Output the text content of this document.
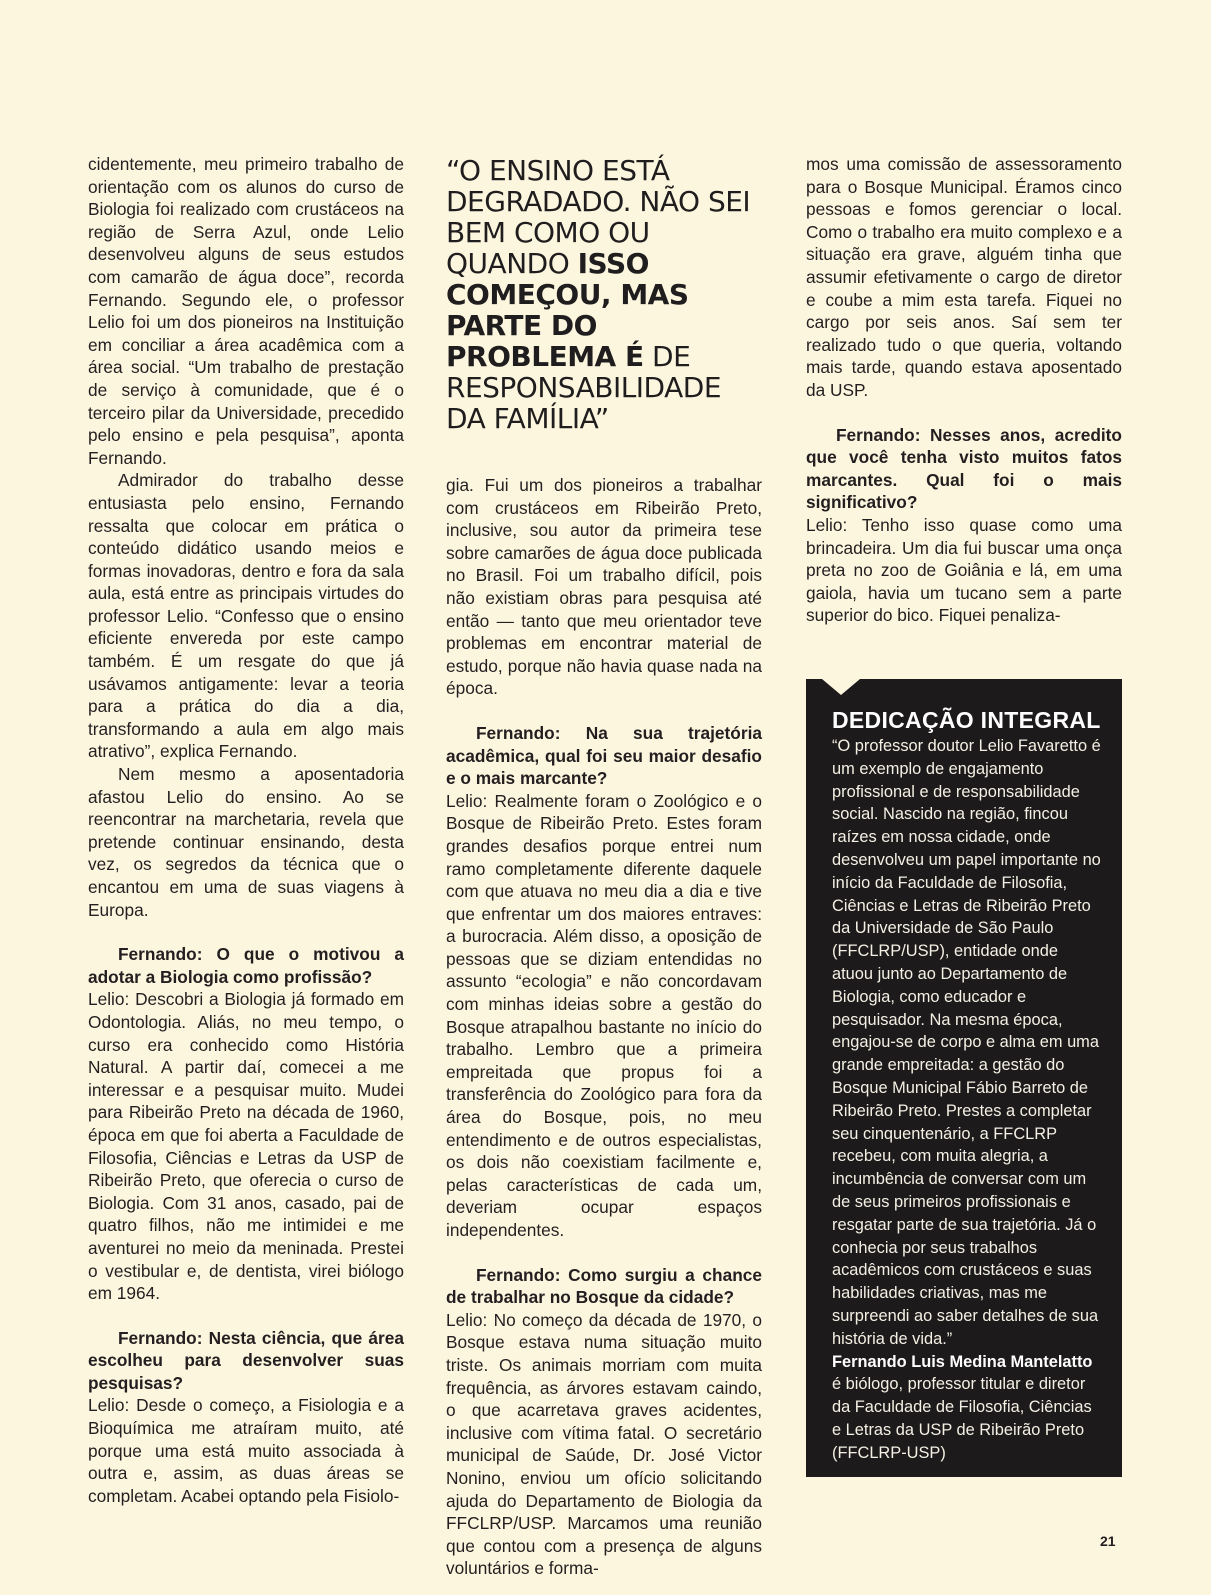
cidentemente, meu primeiro trabalho de orientação com os alunos do curso de Biologia foi realizado com crustáceos na região de Serra Azul, onde Lelio desenvolveu alguns de seus estudos com camarão de água doce”, recorda Fernando. Segundo ele, o professor Lelio foi um dos pioneiros na Instituição em conciliar a área acadêmica com a área social. “Um trabalho de prestação de serviço à comunidade, que é o terceiro pilar da Universidade, precedido pelo ensino e pela pesquisa”, aponta Fernando.

Admirador do trabalho desse entusiasta pelo ensino, Fernando ressalta que colocar em prática o conteúdo didático usando meios e formas inovadoras, dentro e fora da sala aula, está entre as principais virtudes do professor Lelio. “Confesso que o ensino eficiente envereda por este campo também. É um resgate do que já usávamos antigamente: levar a teoria para a prática do dia a dia, transformando a aula em algo mais atrativo”, explica Fernando.

Nem mesmo a aposentadoria afastou Lelio do ensino. Ao se reencontrar na marchetaria, revela que pretende continuar ensinando, desta vez, os segredos da técnica que o encantou em uma de suas viagens à Europa.

Fernando: O que o motivou a adotar a Biologia como profissão?

Lelio: Descobri a Biologia já formado em Odontologia. Aliás, no meu tempo, o curso era conhecido como História Natural. A partir daí, comecei a me interessar e a pesquisar muito. Mudei para Ribeirão Preto na década de 1960, época em que foi aberta a Faculdade de Filosofia, Ciências e Letras da USP de Ribeirão Preto, que oferecia o curso de Biologia. Com 31 anos, casado, pai de quatro filhos, não me intimidei e me aventurei no meio da meninada. Prestei o vestibular e, de dentista, virei biólogo em 1964.

Fernando: Nesta ciência, que área escolheu para desenvolver suas pesquisas?

Lelio: Desde o começo, a Fisiologia e a Bioquímica me atraíram muito, até porque uma está muito associada à outra e, assim, as duas áreas se completam. Acabei optando pela Fisiolo-

“O ENSINO ESTÁ DEGRADADO. NÃO SEI BEM COMO OU QUANDO ISSO COMEÇOU, MAS PARTE DO PROBLEMA É DE RESPONSABILIDADE DA FAMÍLIA”

gia. Fui um dos pioneiros a trabalhar com crustáceos em Ribeirão Preto, inclusive, sou autor da primeira tese sobre camarões de água doce publicada no Brasil. Foi um trabalho difícil, pois não existiam obras para pesquisa até então — tanto que meu orientador teve problemas em encontrar material de estudo, porque não havia quase nada na época.

Fernando: Na sua trajetória acadêmica, qual foi seu maior desafio e o mais marcante?

Lelio: Realmente foram o Zoológico e o Bosque de Ribeirão Preto. Estes foram grandes desafios porque entrei num ramo completamente diferente daquele com que atuava no meu dia a dia e tive que enfrentar um dos maiores entraves: a burocracia. Além disso, a oposição de pessoas que se diziam entendidas no assunto “ecologia” e não concordavam com minhas ideias sobre a gestão do Bosque atrapalhou bastante no início do trabalho. Lembro que a primeira empreitada que propus foi a transferência do Zoológico para fora da área do Bosque, pois, no meu entendimento e de outros especialistas, os dois não coexistiam facilmente e, pelas características de cada um, deveriam ocupar espaços independentes.

Fernando: Como surgiu a chance de trabalhar no Bosque da cidade?

Lelio: No começo da década de 1970, o Bosque estava numa situação muito triste. Os animais morriam com muita frequência, as árvores estavam caindo, o que acarretava graves acidentes, inclusive com vítima fatal. O secretário municipal de Saúde, Dr. José Victor Nonino, enviou um ofício solicitando ajuda do Departamento de Biologia da FFCLRP/USP. Marcamos uma reunião que contou com a presença de alguns voluntários e forma-

mos uma comissão de assessoramento para o Bosque Municipal. Éramos cinco pessoas e fomos gerenciar o local. Como o trabalho era muito complexo e a situação era grave, alguém tinha que assumir efetivamente o cargo de diretor e coube a mim esta tarefa. Fiquei no cargo por seis anos. Saí sem ter realizado tudo o que queria, voltando mais tarde, quando estava aposentado da USP.

Fernando: Nesses anos, acredito que você tenha visto muitos fatos marcantes. Qual foi o mais significativo?

Lelio: Tenho isso quase como uma brincadeira. Um dia fui buscar uma onça preta no zoo de Goiânia e lá, em uma gaiola, havia um tucano sem a parte superior do bico. Fiquei penaliza-

DEDICAÇÃO INTEGRAL

“O professor doutor Lelio Favaretto é um exemplo de engajamento profissional e de responsabilidade social. Nascido na região, fincou raízes em nossa cidade, onde desenvolveu um papel importante no início da Faculdade de Filosofia, Ciências e Letras de Ribeirão Preto da Universidade de São Paulo (FFCLRP/USP), entidade onde atuou junto ao Departamento de Biologia, como educador e pesquisador. Na mesma época, engajou-se de corpo e alma em uma grande empreitada: a gestão do Bosque Municipal Fábio Barreto de Ribeirão Preto. Prestes a completar seu cinquentenário, a FFCLRP recebeu, com muita alegria, a incumbência de conversar com um de seus primeiros profissionais e resgatar parte de sua trajetória. Já o conhecia por seus trabalhos acadêmicos com crustáceos e suas habilidades criativas, mas me surpreendi ao saber detalhes de sua história de vida.”

Fernando Luis Medina Mantelatto é biólogo, professor titular e diretor da Faculdade de Filosofia, Ciências e Letras da USP de Ribeirão Preto (FFCLRP-USP)

21
